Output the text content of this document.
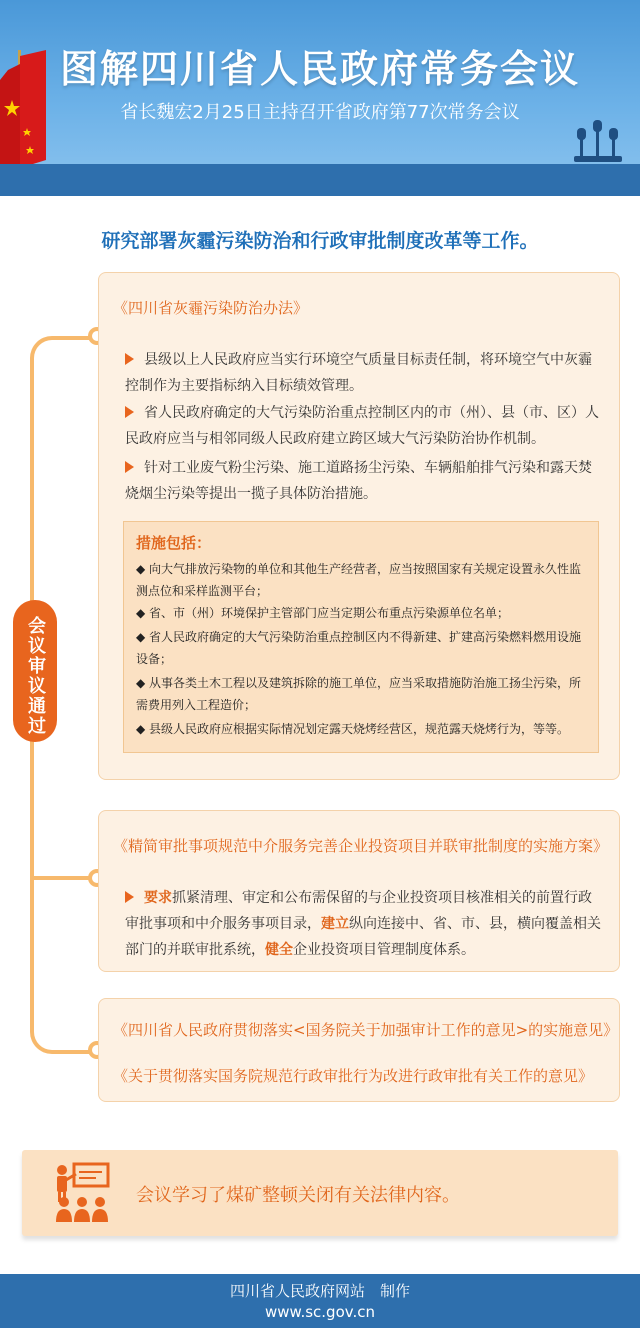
图解四川省人民政府常务会议
省长魏宏2月25日主持召开省政府第77次常务会议
研究部署灰霾污染防治和行政审批制度改革等工作。
会议审议通过
《四川省灰霾污染防治办法》
县级以上人民政府应当实行环境空气质量目标责任制，将环境空气中灰霾控制作为主要指标纳入目标绩效管理。
省人民政府确定的大气污染防治重点控制区内的市（州）、县（市、区）人民政府应当与相邻同级人民政府建立跨区域大气污染防治协作机制。
针对工业废气粉尘污染、施工道路扬尘污染、车辆船舶排气污染和露天焚烧烟尘污染等提出一揽子具体防治措施。
措施包括：
◆ 向大气排放污染物的单位和其他生产经营者，应当按照国家有关规定设置永久性监测点位和采样监测平台；
◆ 省、市（州）环境保护主管部门应当定期公布重点污染源单位名单；
◆ 省人民政府确定的大气污染防治重点控制区内不得新建、扩建高污染燃料燃用设施设备；
◆ 从事各类土木工程以及建筑拆除的施工单位，应当采取措施防治施工扬尘污染，所需费用列入工程造价；
◆ 县级人民政府应根据实际情况划定露天烧烤经营区，规范露天烧烤行为，等等。
《精简审批事项规范中介服务完善企业投资项目并联审批制度的实施方案》
要求抓紧清理、审定和公布需保留的与企业投资项目核准相关的前置行政审批事项和中介服务事项目录，建立纵向连接中、省、市、县，横向覆盖相关部门的并联审批系统，健全企业投资项目管理制度体系。
《四川省人民政府贯彻落实<国务院关于加强审计工作的意见>的实施意见》
《关于贯彻落实国务院规范行政审批行为改进行政审批有关工作的意见》
会议学习了煤矿整顿关闭有关法律内容。
四川省人民政府网站　制作
www.sc.gov.cn
